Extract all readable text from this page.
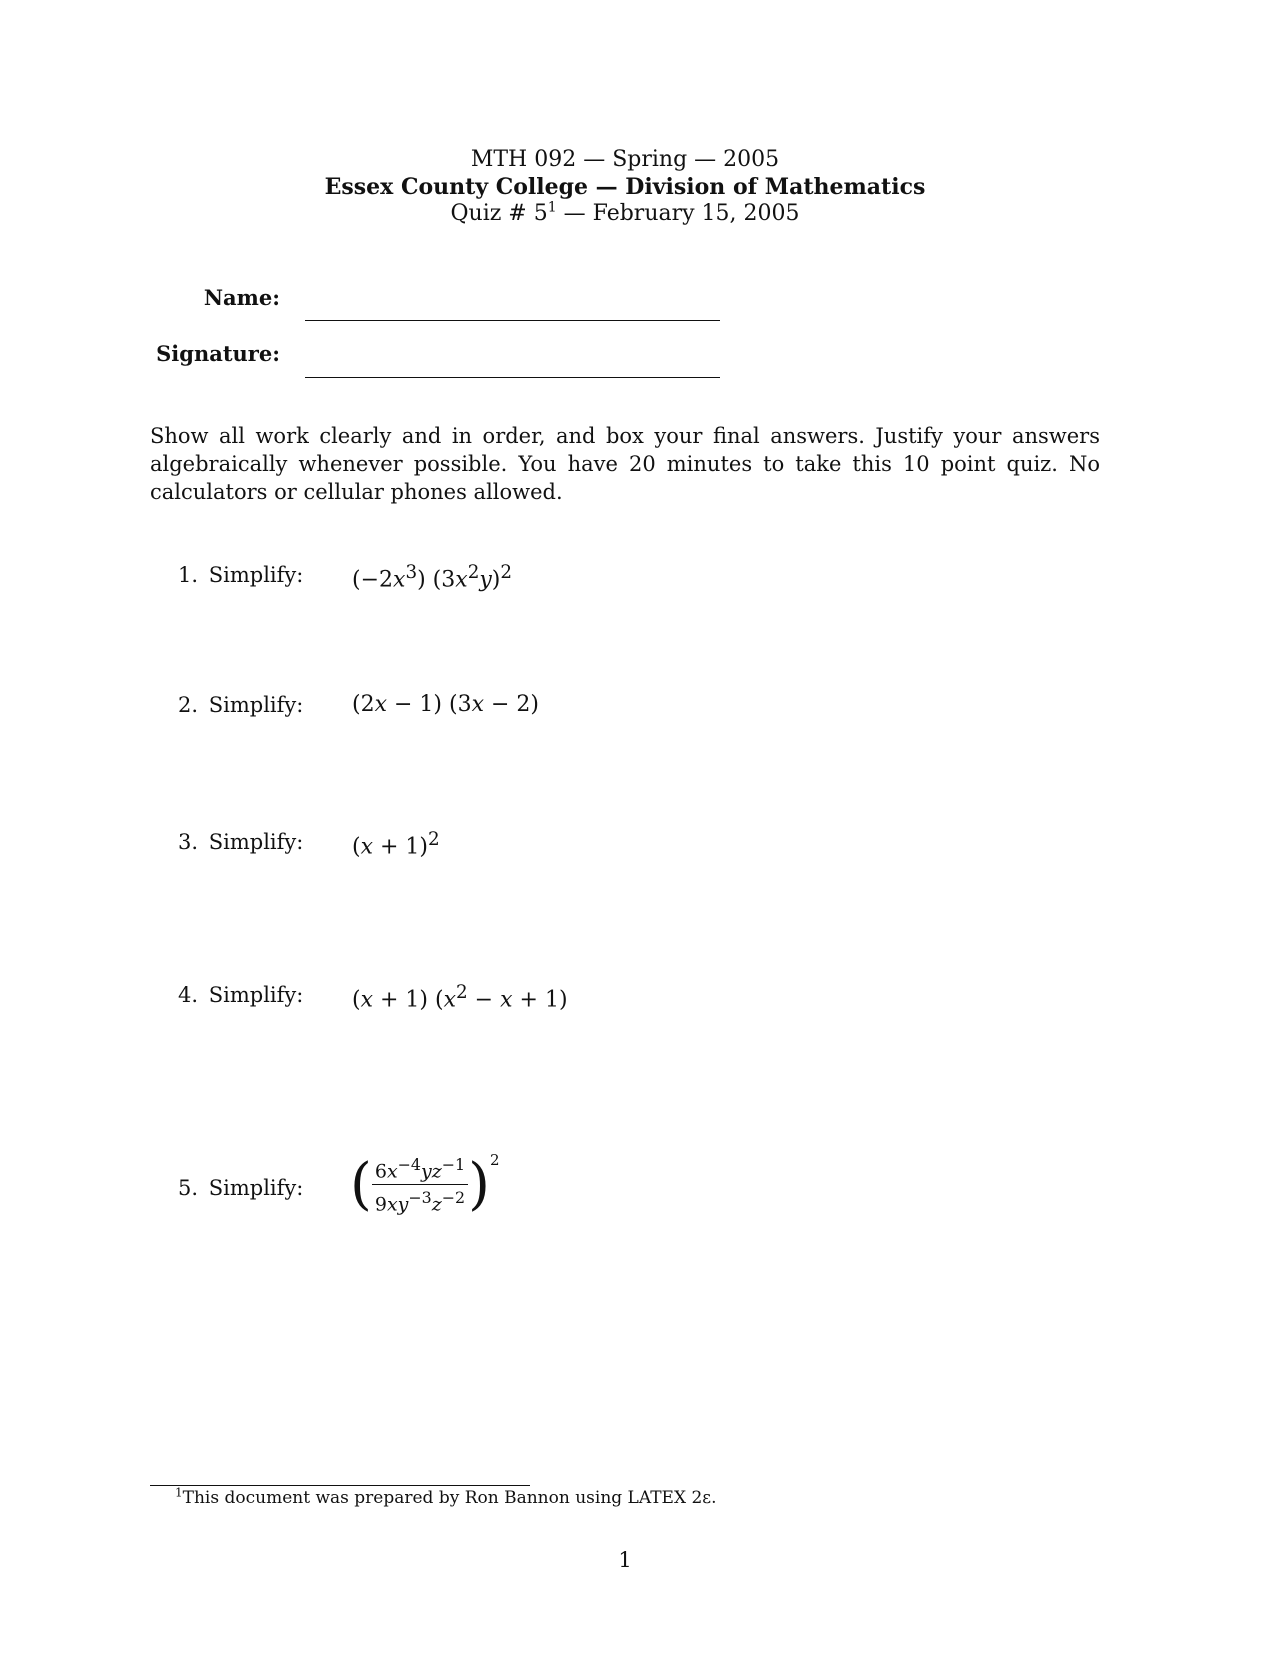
MTH 092 — Spring — 2005
Essex County College — Division of Mathematics
Quiz # $5^1$ — February 15, 2005
Name:
Signature:
Show all work clearly and in order, and box your final answers. Justify your answers algebraically whenever possible. You have 20 minutes to take this 10 point quiz. No calculators or cellular phones allowed.
1. Simplify: $(-2x^3)$ $(3x^2y)^2$
2. Simplify: (2x − 1) (3x − 2)
3. Simplify: $(x + 1)^2$
4. Simplify: (x + 1) $(x^2 - x + 1)$
5. Simplify: ( $\frac{6x^{-4}yz^{-1}}{9xy^{-3}z^{-2}} )^2$
$^1$This document was prepared by Ron Bannon using LATEX 2ε.
1
